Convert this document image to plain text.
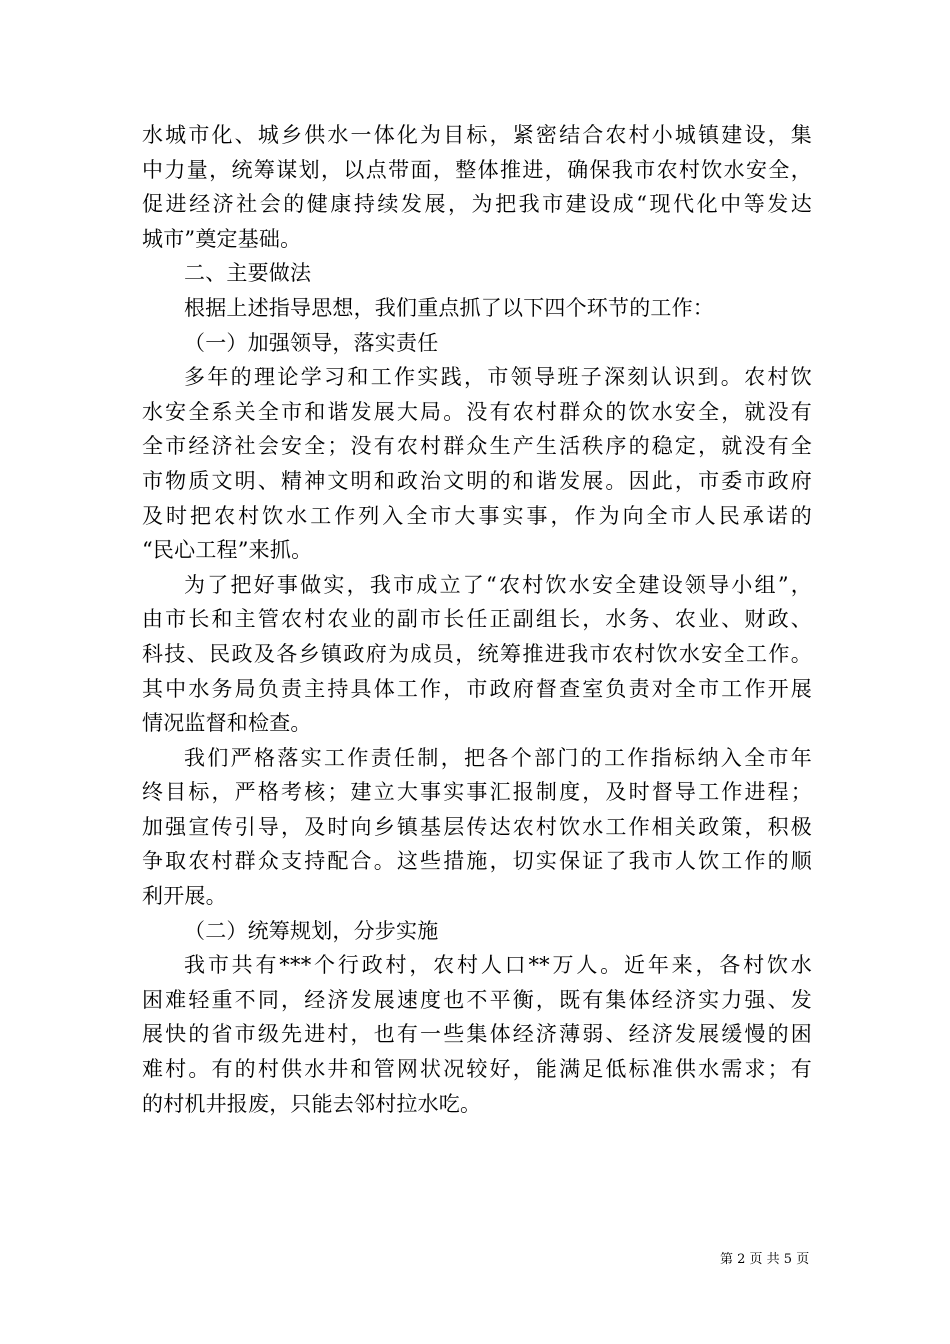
水城市化、城乡供水一体化为目标，紧密结合农村小城镇建设，集
中力量，统筹谋划，以点带面，整体推进，确保我市农村饮水安全，
促进经济社会的健康持续发展，为把我市建设成“现代化中等发达
城市”奠定基础。
二、主要做法
根据上述指导思想，我们重点抓了以下四个环节的工作：
（一）加强领导，落实责任
多年的理论学习和工作实践，市领导班子深刻认识到。农村饮
水安全系关全市和谐发展大局。没有农村群众的饮水安全，就没有
全市经济社会安全；没有农村群众生产生活秩序的稳定，就没有全
市物质文明、精神文明和政治文明的和谐发展。因此，市委市政府
及时把农村饮水工作列入全市大事实事，作为向全市人民承诺的
“民心工程”来抓。
为了把好事做实，我市成立了“农村饮水安全建设领导小组”，
由市长和主管农村农业的副市长任正副组长，水务、农业、财政、
科技、民政及各乡镇政府为成员，统筹推进我市农村饮水安全工作。
其中水务局负责主持具体工作，市政府督查室负责对全市工作开展
情况监督和检查。
我们严格落实工作责任制，把各个部门的工作指标纳入全市年
终目标，严格考核；建立大事实事汇报制度，及时督导工作进程；
加强宣传引导，及时向乡镇基层传达农村饮水工作相关政策，积极
争取农村群众支持配合。这些措施，切实保证了我市人饮工作的顺
利开展。
（二）统筹规划，分步实施
我市共有***个行政村，农村人口**万人。近年来，各村饮水
困难轻重不同，经济发展速度也不平衡，既有集体经济实力强、发
展快的省市级先进村，也有一些集体经济薄弱、经济发展缓慢的困
难村。有的村供水井和管网状况较好，能满足低标准供水需求；有
的村机井报废，只能去邻村拉水吃。
第 2 页 共 5 页
